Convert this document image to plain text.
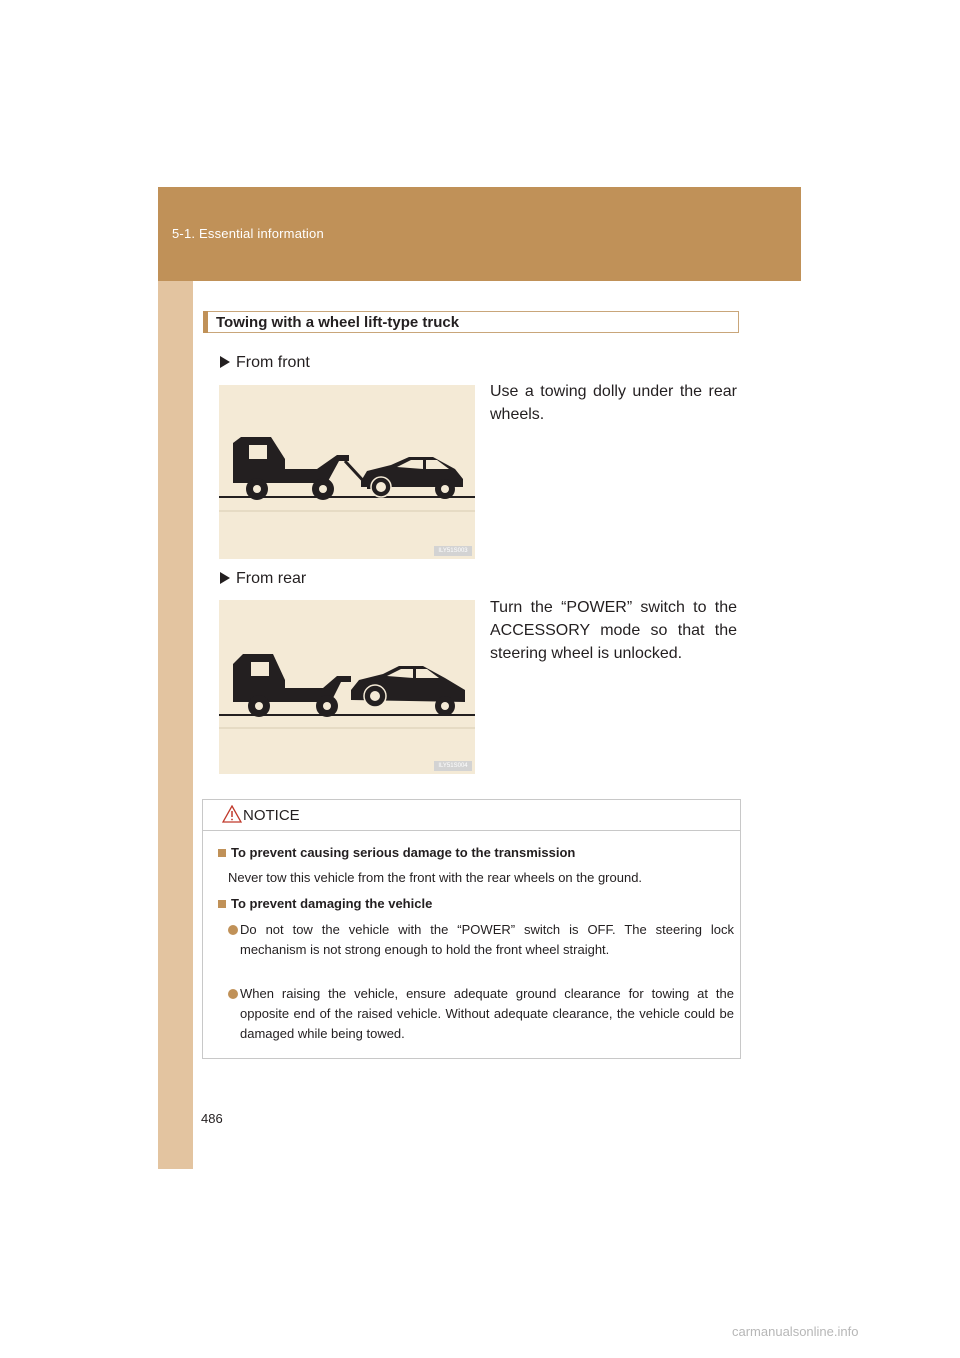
5-1. Essential information
Towing with a wheel lift-type truck
From front
Use a towing dolly under the rear wheels.
ILY51S003
From rear
Turn the “POWER” switch to the ACCESSORY mode so that the steering wheel is unlocked.
ILY51S004
NOTICE
To prevent causing serious damage to the transmission
Never tow this vehicle from the front with the rear wheels on the ground.
To prevent damaging the vehicle
Do not tow the vehicle with the “POWER” switch is OFF. The steering lock mechanism is not strong enough to hold the front wheel straight.
When raising the vehicle, ensure adequate ground clearance for towing at the opposite end of the raised vehicle. Without adequate clearance, the vehicle could be damaged while being towed.
486
carmanualsonline.info
